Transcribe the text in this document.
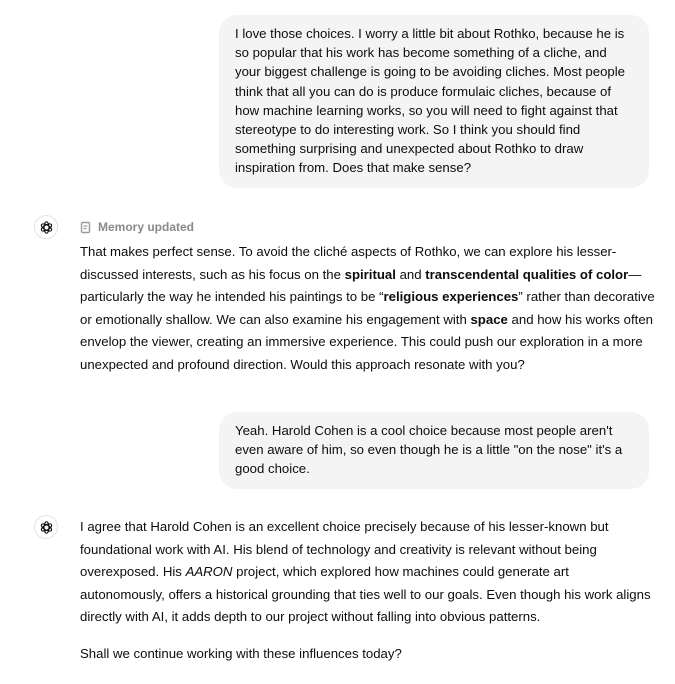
I love those choices. I worry a little bit about Rothko, because he is so popular that his work has become something of a cliche, and your biggest challenge is going to be avoiding cliches. Most people think that all you can do is produce formulaic cliches, because of how machine learning works, so you will need to fight against that stereotype to do interesting work. So I think you should find something surprising and unexpected about Rothko to draw inspiration from. Does that make sense?
Memory updated

That makes perfect sense. To avoid the cliché aspects of Rothko, we can explore his lesser-discussed interests, such as his focus on the spiritual and transcendental qualities of color—particularly the way he intended his paintings to be “religious experiences” rather than decorative or emotionally shallow. We can also examine his engagement with space and how his works often envelop the viewer, creating an immersive experience. This could push our exploration in a more unexpected and profound direction. Would this approach resonate with you?

Yeah. Harold Cohen is a cool choice because most people aren't even aware of him, so even though he is a little "on the nose" it's a good choice.

I agree that Harold Cohen is an excellent choice precisely because of his lesser-known but foundational work with AI. His blend of technology and creativity is relevant without being overexposed. His AARON project, which explored how machines could generate art autonomously, offers a historical grounding that ties well to our goals. Even though his work aligns directly with AI, it adds depth to our project without falling into obvious patterns.

Shall we continue working with these influences today?
